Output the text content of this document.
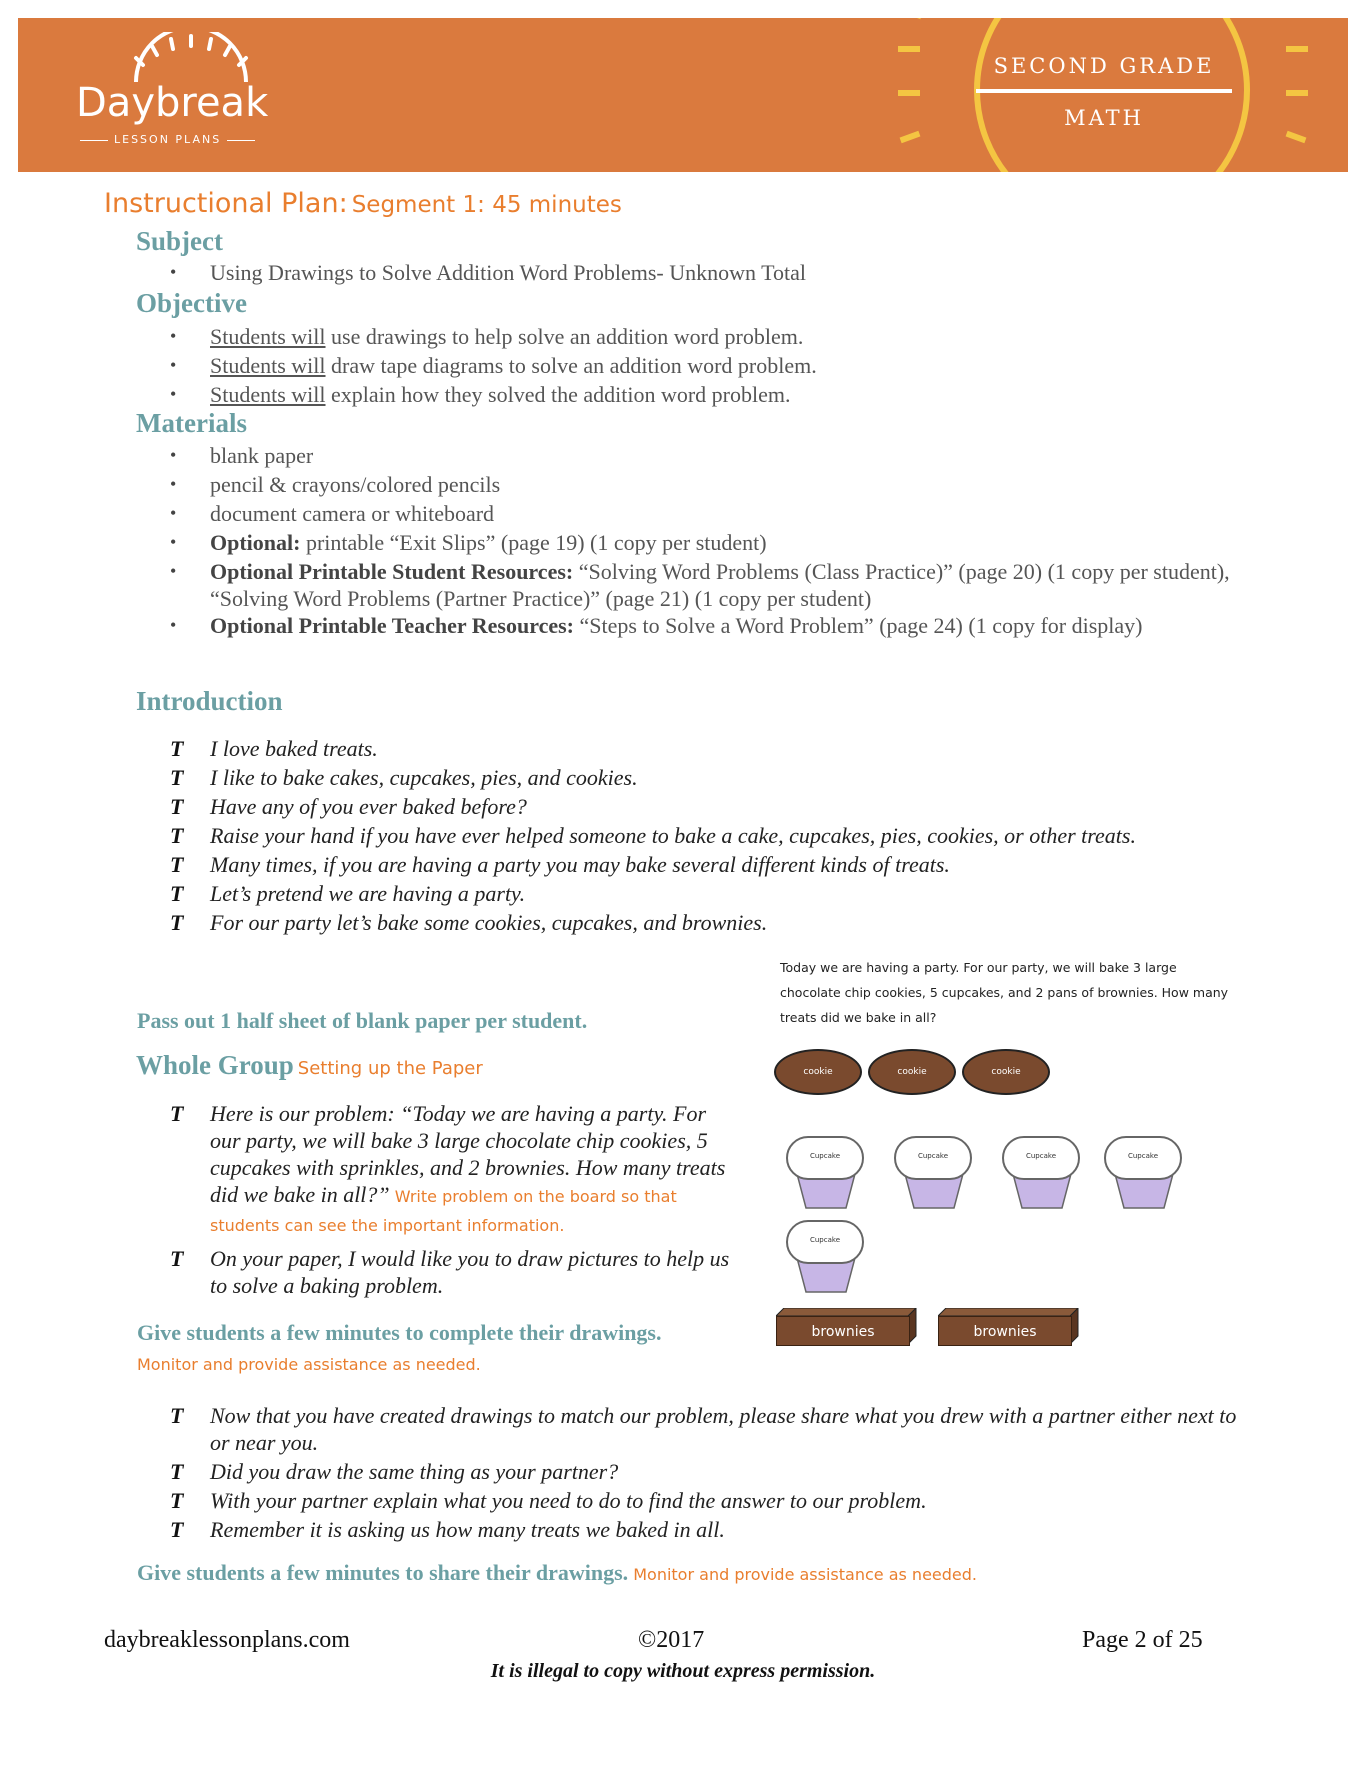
Daybreak
LESSON PLANS
SECOND GRADE
MATH
Instructional Plan: Segment 1: 45 minutes
Subject
• Using Drawings to Solve Addition Word Problems- Unknown Total
Objective
• Students will use drawings to help solve an addition word problem.
• Students will draw tape diagrams to solve an addition word problem.
• Students will explain how they solved the addition word problem.
Materials
• blank paper
• pencil & crayons/colored pencils
• document camera or whiteboard
• Optional: printable “Exit Slips” (page 19) (1 copy per student)
• Optional Printable Student Resources: “Solving Word Problems (Class Practice)” (page 20) (1 copy per student), “Solving Word Problems (Partner Practice)” (page 21) (1 copy per student)
• Optional Printable Teacher Resources: “Steps to Solve a Word Problem” (page 24) (1 copy for display)
Introduction
T I love baked treats.
T I like to bake cakes, cupcakes, pies, and cookies.
T Have any of you ever baked before?
T Raise your hand if you have ever helped someone to bake a cake, cupcakes, pies, cookies, or other treats.
T Many times, if you are having a party you may bake several different kinds of treats.
T Let’s pretend we are having a party.
T For our party let’s bake some cookies, cupcakes, and brownies.
Pass out 1 half sheet of blank paper per student.
Whole Group Setting up the Paper
T Here is our problem: “Today we are having a party. For our party, we will bake 3 large chocolate chip cookies, 5 cupcakes with sprinkles, and 2 brownies. How many treats did we bake in all?” Write problem on the board so that students can see the important information.
T On your paper, I would like you to draw pictures to help us to solve a baking problem.
Give students a few minutes to complete their drawings. Monitor and provide assistance as needed.
T Now that you have created drawings to match our problem, please share what you drew with a partner either next to or near you.
T Did you draw the same thing as your partner?
T With your partner explain what you need to do to find the answer to our problem.
T Remember it is asking us how many treats we baked in all.
Give students a few minutes to share their drawings. Monitor and provide assistance as needed.
Today we are having a party. For our party, we will bake 3 large chocolate chip cookies, 5 cupcakes, and 2 pans of brownies. How many treats did we bake in all?
cookie	cookie	cookie
Cupcake	Cupcake	Cupcake	Cupcake
Cupcake
brownies	brownies
daybreaklessonplans.com	©2017	Page 2 of 25
It is illegal to copy without express permission.
